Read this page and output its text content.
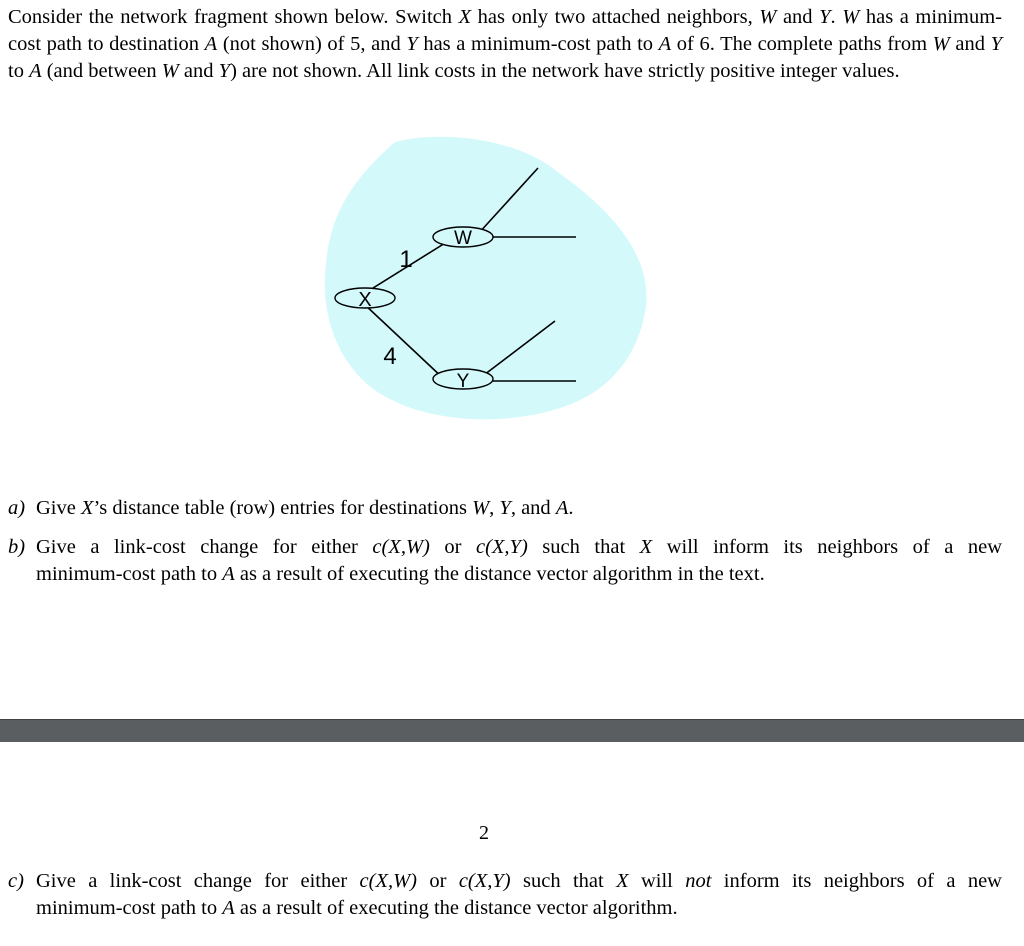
Consider the network fragment shown below. Switch X has only two attached neighbors, W and Y. W has a minimum-cost path to destination A (not shown) of 5, and Y has a minimum-cost path to A of 6. The complete paths from W and Y to A (and between W and Y) are not shown. All link costs in the network have strictly positive integer values.
W
X
Y
1
4
a) Give X’s distance table (row) entries for destinations W, Y, and A.
b) Give a link-cost change for either c(X,W) or c(X,Y) such that X will inform its neighbors of a new
minimum-cost path to A as a result of executing the distance vector algorithm in the text.
2
c) Give a link-cost change for either c(X,W) or c(X,Y) such that X will not inform its neighbors of a new
minimum-cost path to A as a result of executing the distance vector algorithm.
